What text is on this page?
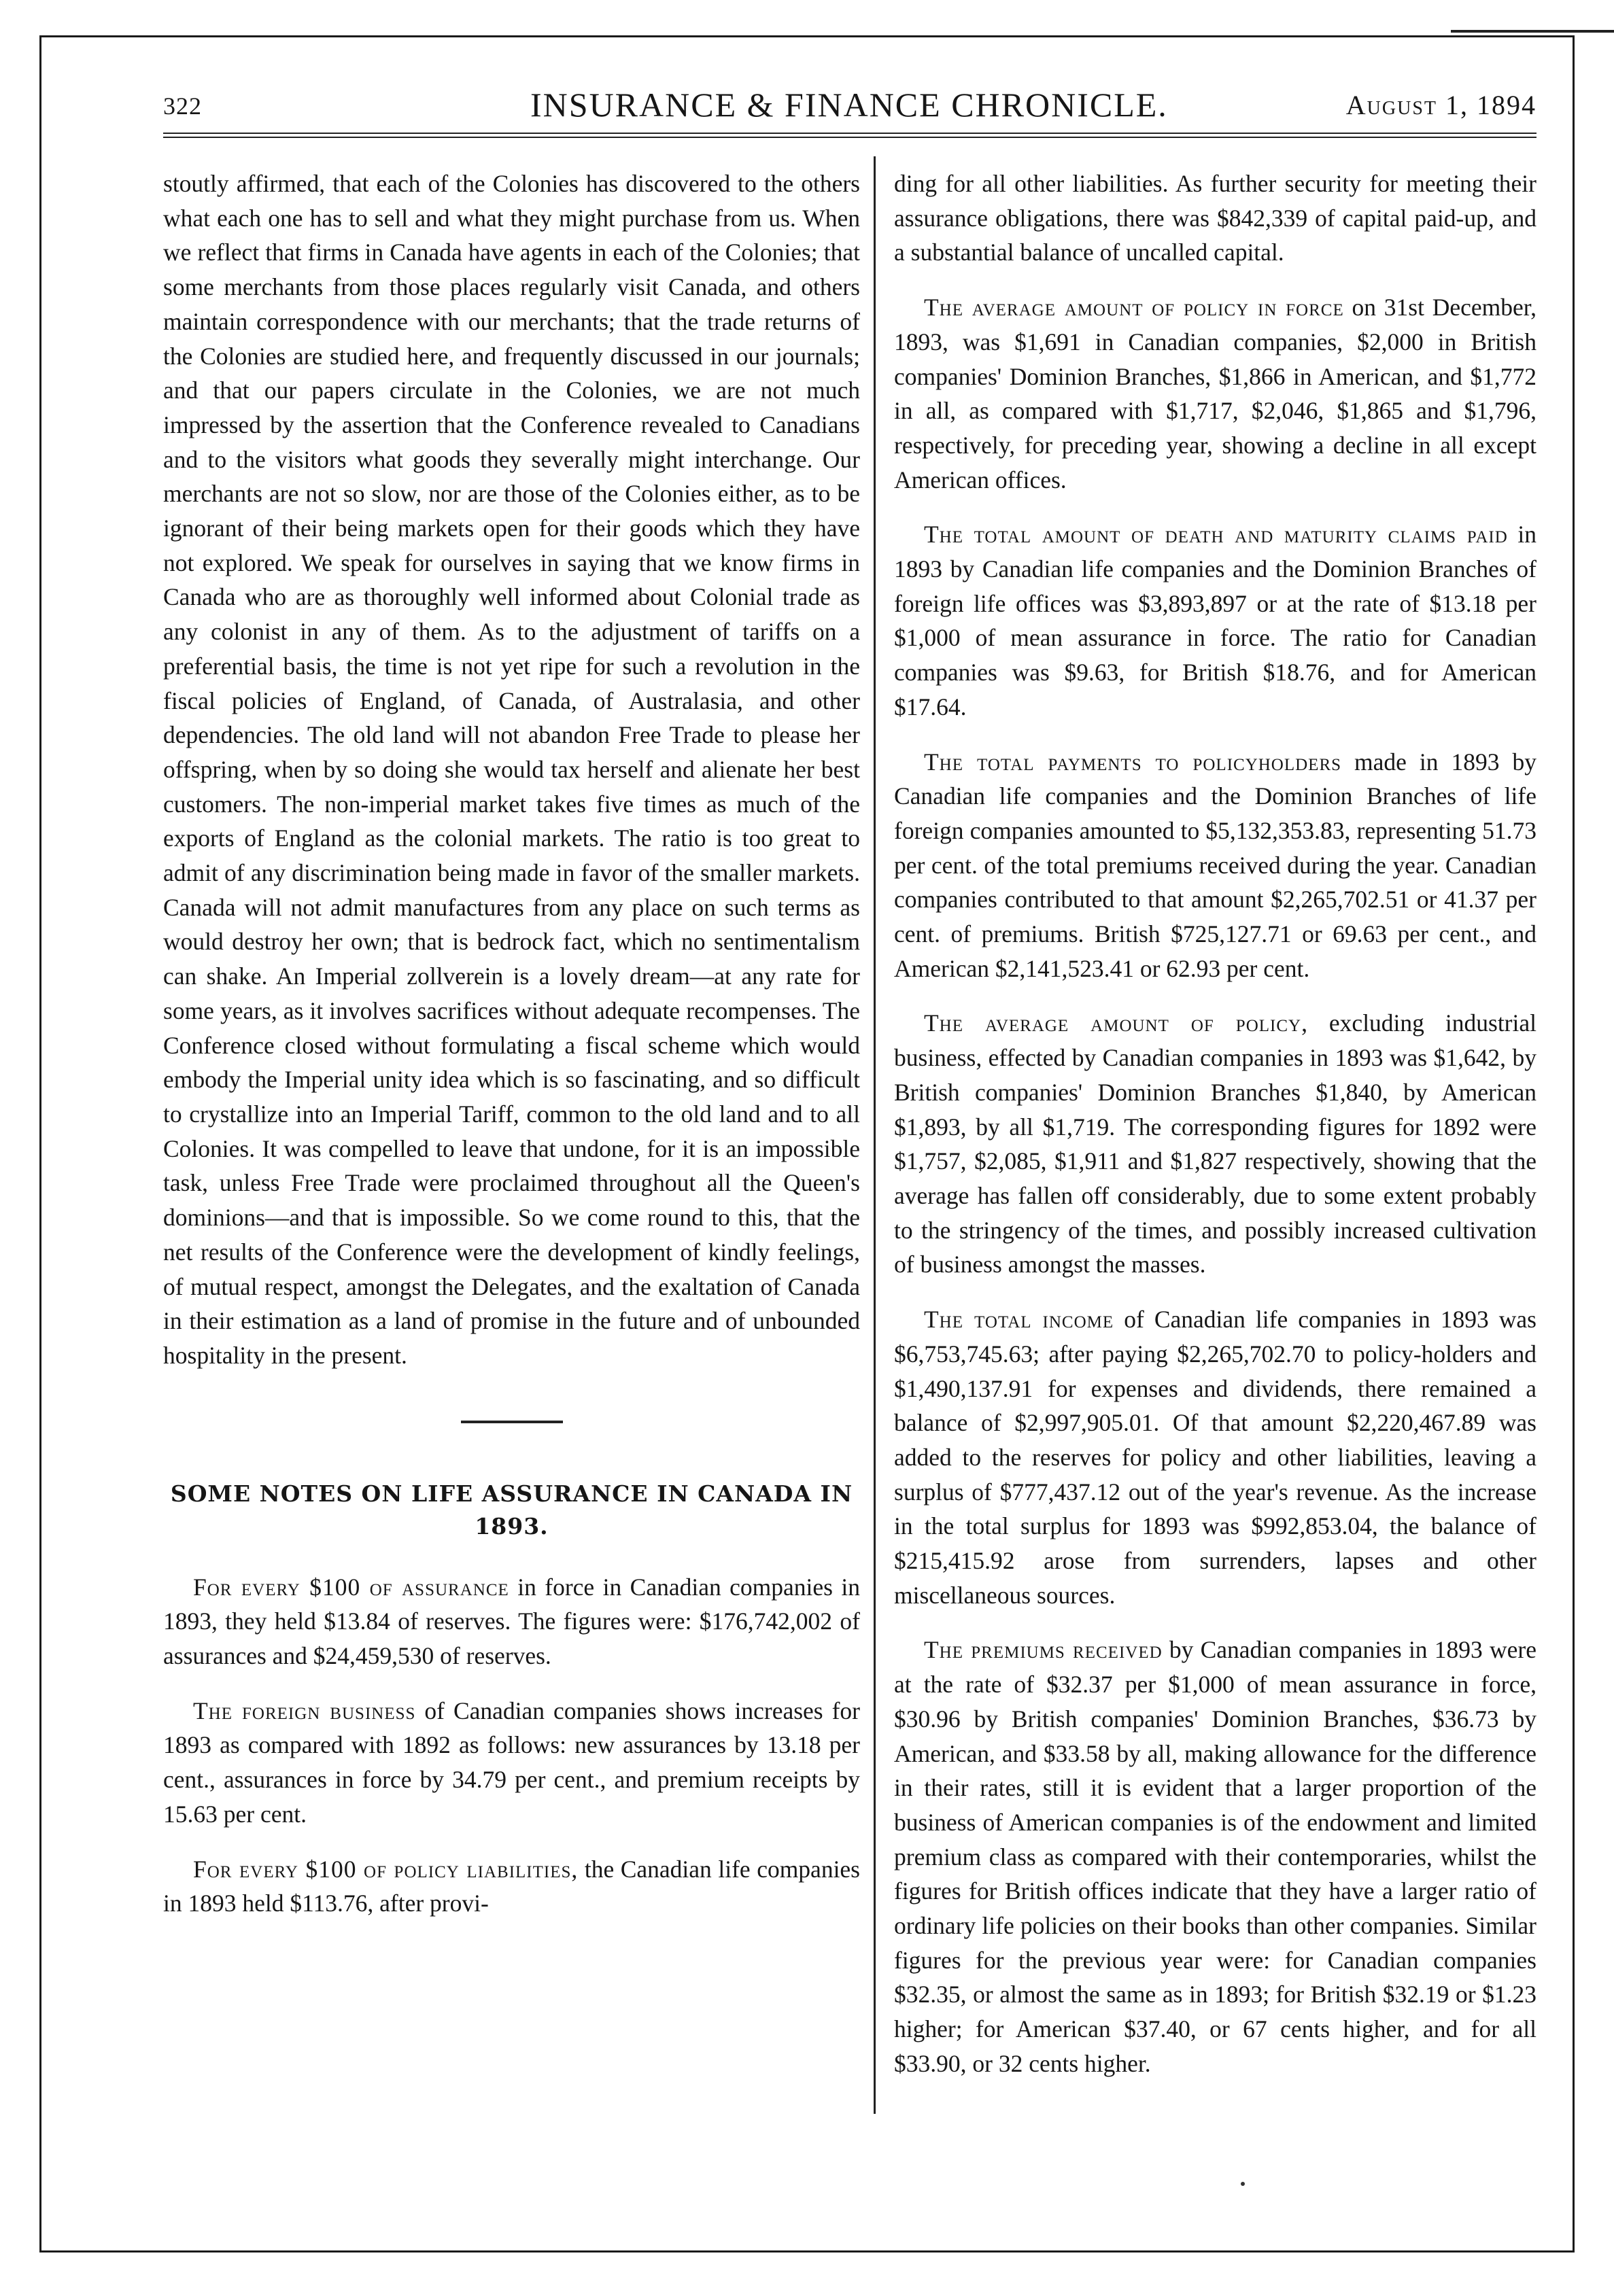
322	INSURANCE & FINANCE CHRONICLE.	August 1, 1894

stoutly affirmed, that each of the Colonies has discovered to the others what each one has to sell and what they might purchase from us. When we reflect that firms in Canada have agents in each of the Colonies; that some merchants from those places regularly visit Canada, and others maintain correspondence with our merchants; that the trade returns of the Colonies are studied here, and frequently discussed in our journals; and that our papers circulate in the Colonies, we are not much impressed by the assertion that the Conference revealed to Canadians and to the visitors what goods they severally might interchange. Our merchants are not so slow, nor are those of the Colonies either, as to be ignorant of their being markets open for their goods which they have not explored. We speak for ourselves in saying that we know firms in Canada who are as thoroughly well informed about Colonial trade as any colonist in any of them. As to the adjustment of tariffs on a preferential basis, the time is not yet ripe for such a revolution in the fiscal policies of England, of Canada, of Australasia, and other dependencies. The old land will not abandon Free Trade to please her offspring, when by so doing she would tax herself and alienate her best customers. The non-imperial market takes five times as much of the exports of England as the colonial markets. The ratio is too great to admit of any discrimination being made in favor of the smaller markets. Canada will not admit manufactures from any place on such terms as would destroy her own; that is bedrock fact, which no sentimentalism can shake. An Imperial zollverein is a lovely dream—at any rate for some years, as it involves sacrifices without adequate recompenses. The Conference closed without formulating a fiscal scheme which would embody the Imperial unity idea which is so fascinating, and so difficult to crystallize into an Imperial Tariff, common to the old land and to all Colonies. It was compelled to leave that undone, for it is an impossible task, unless Free Trade were proclaimed throughout all the Queen's dominions—and that is impossible. So we come round to this, that the net results of the Conference were the development of kindly feelings, of mutual respect, amongst the Delegates, and the exaltation of Canada in their estimation as a land of promise in the future and of unbounded hospitality in the present.

SOME NOTES ON LIFE ASSURANCE IN CANADA IN 1893.

For every $100 of assurance in force in Canadian companies in 1893, they held $13.84 of reserves. The figures were: $176,742,002 of assurances and $24,459,530 of reserves.

The foreign business of Canadian companies shows increases for 1893 as compared with 1892 as follows: new assurances by 13.18 per cent., assurances in force by 34.79 per cent., and premium receipts by 15.63 per cent.

For every $100 of policy liabilities, the Canadian life companies in 1893 held $113.76, after provi-

ding for all other liabilities. As further security for meeting their assurance obligations, there was $842,339 of capital paid-up, and a substantial balance of uncalled capital.

The average amount of policy in force on 31st December, 1893, was $1,691 in Canadian companies, $2,000 in British companies' Dominion Branches, $1,866 in American, and $1,772 in all, as compared with $1,717, $2,046, $1,865 and $1,796, respectively, for preceding year, showing a decline in all except American offices.

The total amount of death and maturity claims paid in 1893 by Canadian life companies and the Dominion Branches of foreign life offices was $3,893,897 or at the rate of $13.18 per $1,000 of mean assurance in force. The ratio for Canadian companies was $9.63, for British $18.76, and for American $17.64.

The total payments to policyholders made in 1893 by Canadian life companies and the Dominion Branches of life foreign companies amounted to $5,132,353.83, representing 51.73 per cent. of the total premiums received during the year. Canadian companies contributed to that amount $2,265,702.51 or 41.37 per cent. of premiums. British $725,127.71 or 69.63 per cent., and American $2,141,523.41 or 62.93 per cent.

The average amount of policy, excluding industrial business, effected by Canadian companies in 1893 was $1,642, by British companies' Dominion Branches $1,840, by American $1,893, by all $1,719. The corresponding figures for 1892 were $1,757, $2,085, $1,911 and $1,827 respectively, showing that the average has fallen off considerably, due to some extent probably to the stringency of the times, and possibly increased cultivation of business amongst the masses.

The total income of Canadian life companies in 1893 was $6,753,745.63; after paying $2,265,702.70 to policy-holders and $1,490,137.91 for expenses and dividends, there remained a balance of $2,997,905.01. Of that amount $2,220,467.89 was added to the reserves for policy and other liabilities, leaving a surplus of $777,437.12 out of the year's revenue. As the increase in the total surplus for 1893 was $992,853.04, the balance of $215,415.92 arose from surrenders, lapses and other miscellaneous sources.

The premiums received by Canadian companies in 1893 were at the rate of $32.37 per $1,000 of mean assurance in force, $30.96 by British companies' Dominion Branches, $36.73 by American, and $33.58 by all, making allowance for the difference in their rates, still it is evident that a larger proportion of the business of American companies is of the endowment and limited premium class as compared with their contemporaries, whilst the figures for British offices indicate that they have a larger ratio of ordinary life policies on their books than other companies. Similar figures for the previous year were: for Canadian companies $32.35, or almost the same as in 1893; for British $32.19 or $1.23 higher; for American $37.40, or 67 cents higher, and for all $33.90, or 32 cents higher.
